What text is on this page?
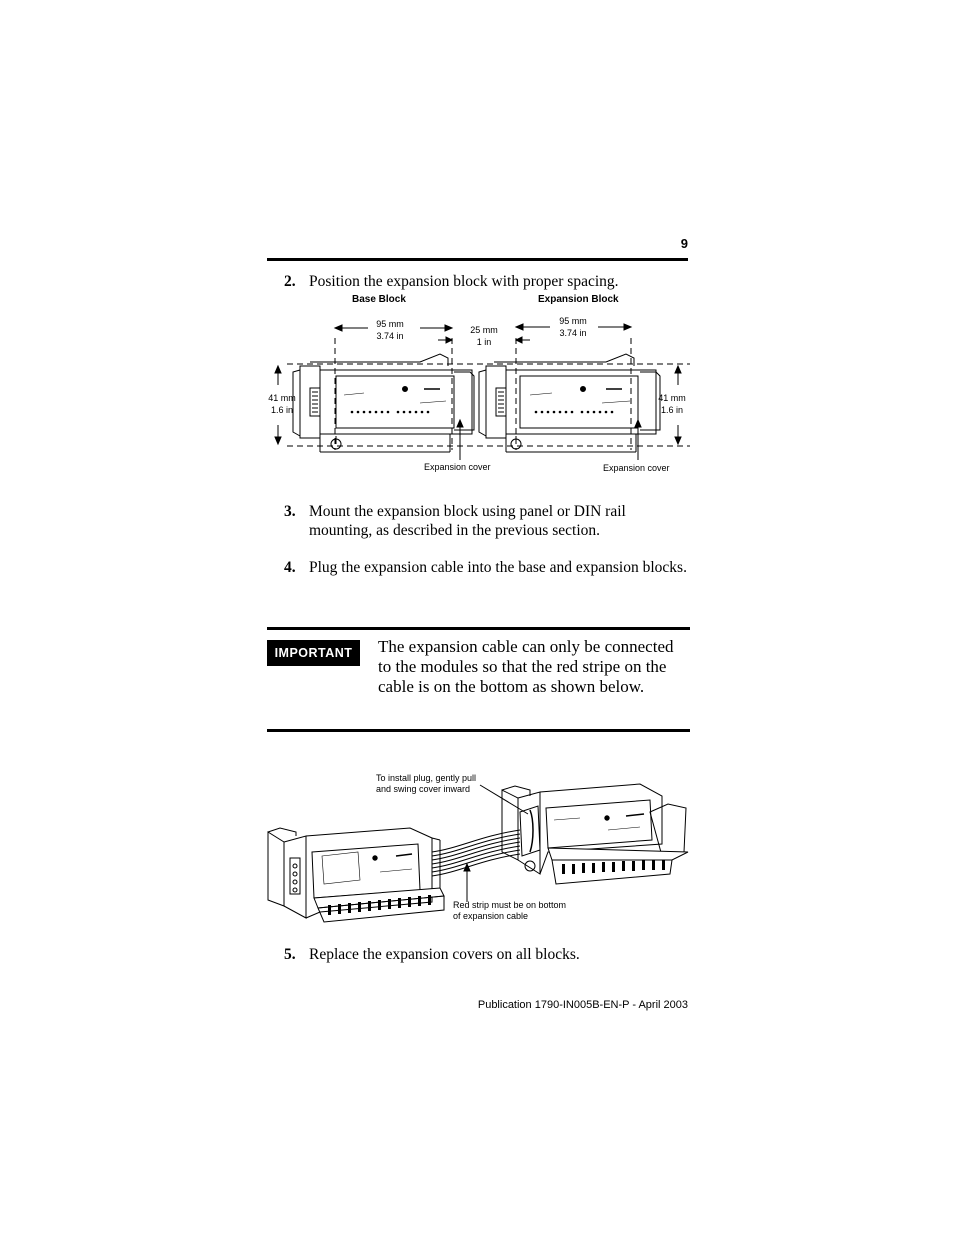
9
2. Position the expansion block with proper spacing.
Base Block	Expansion Block
95 mm
3.74 in
25 mm
1 in
95 mm
3.74 in
41 mm
1.6 in
41 mm
1.6 in
Expansion cover	Expansion cover
3. Mount the expansion block using panel or DIN rail mounting, as described in the previous section.
4. Plug the expansion cable into the base and expansion blocks.
IMPORTANT	The expansion cable can only be connected to the modules so that the red stripe on the cable is on the bottom as shown below.
To install plug, gently pull
and swing cover inward
Red strip must be on bottom
of expansion cable
5. Replace the expansion covers on all blocks.
Publication 1790-IN005B-EN-P - April 2003
